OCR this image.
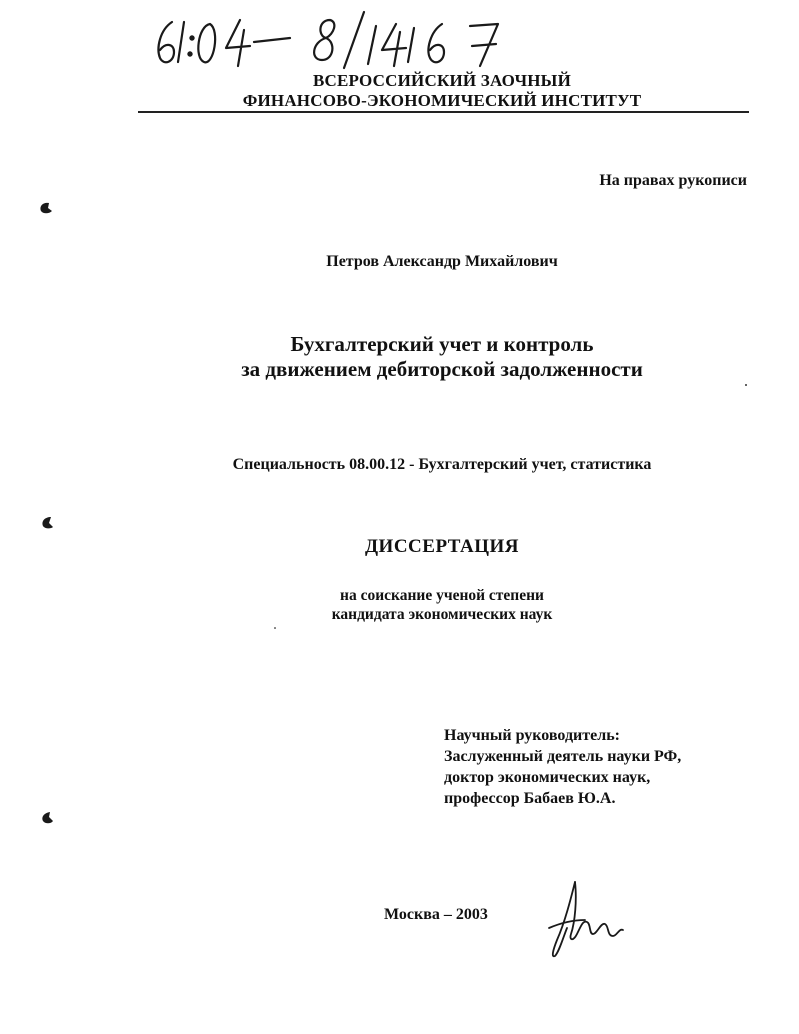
ВСЕРОССИЙСКИЙ ЗАОЧНЫЙ
ФИНАНСОВО-ЭКОНОМИЧЕСКИЙ ИНСТИТУТ
На правах рукописи
Петров Александр Михайлович
Бухгалтерский учет и контроль
за движением дебиторской задолженности
Специальность 08.00.12 - Бухгалтерский учет, статистика
ДИССЕРТАЦИЯ
на соискание ученой степени
кандидата экономических наук
Научный руководитель:
Заслуженный деятель науки РФ,
доктор экономических наук,
профессор Бабаев Ю.А.
Москва – 2003
